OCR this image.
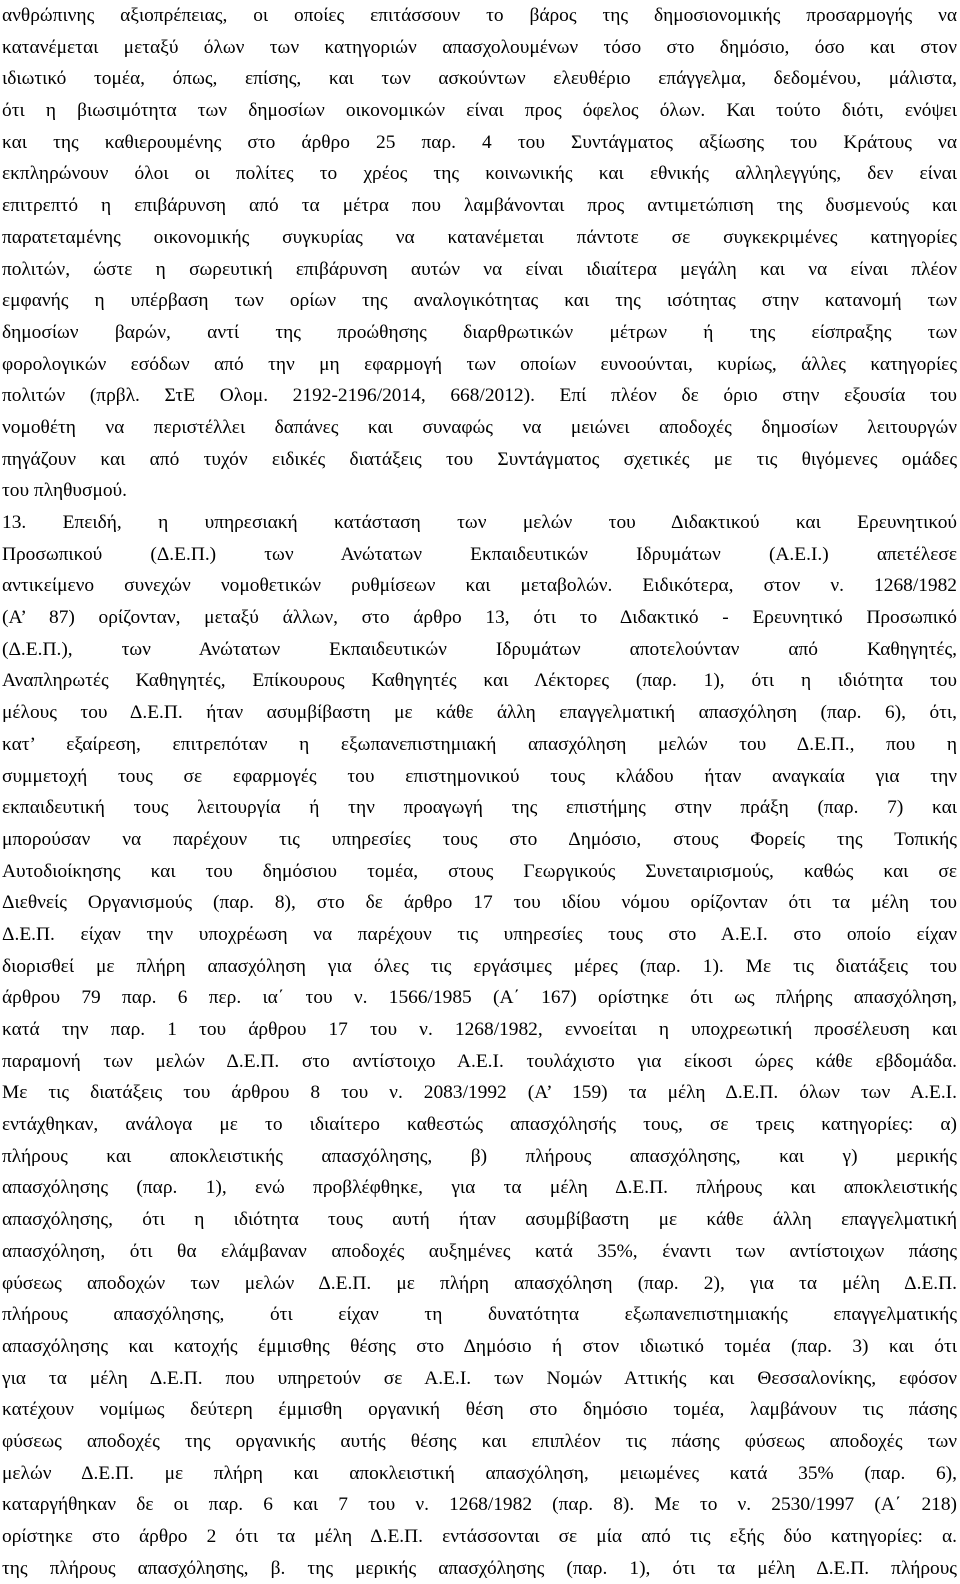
ανθρώπινης αξιοπρέπειας, οι οποίες επιτάσσουν το βάρος της δημοσιονομικής προσαρμογής να
κατανέμεται μεταξύ όλων των κατηγοριών απασχολουμένων τόσο στο δημόσιο, όσο και στον
ιδιωτικό τομέα, όπως, επίσης, και των ασκούντων ελευθέριο επάγγελμα, δεδομένου, μάλιστα,
ότι η βιωσιμότητα των δημοσίων οικονομικών είναι προς όφελος όλων. Και τούτο διότι, ενόψει
και της καθιερουμένης στο άρθρο 25 παρ. 4 του Συντάγματος αξίωσης του Κράτους να
εκπληρώνουν όλοι οι πολίτες το χρέος της κοινωνικής και εθνικής αλληλεγγύης, δεν είναι
επιτρεπτό η επιβάρυνση από τα μέτρα που λαμβάνονται προς αντιμετώπιση της δυσμενούς και
παρατεταμένης οικονομικής συγκυρίας να κατανέμεται πάντοτε σε συγκεκριμένες κατηγορίες
πολιτών, ώστε η σωρευτική επιβάρυνση αυτών να είναι ιδιαίτερα μεγάλη και να είναι πλέον
εμφανής η υπέρβαση των ορίων της αναλογικότητας και της ισότητας στην κατανομή των
δημοσίων βαρών, αντί της προώθησης διαρθρωτικών μέτρων ή της είσπραξης των
φορολογικών εσόδων από την μη εφαρμογή των οποίων ευνοούνται, κυρίως, άλλες κατηγορίες
πολιτών (πρβλ. ΣτΕ Ολομ. 2192-2196/2014, 668/2012). Επί πλέον δε όριο στην εξουσία του
νομοθέτη να περιστέλλει δαπάνες και συναφώς να μειώνει αποδοχές δημοσίων λειτουργών
πηγάζουν και από τυχόν ειδικές διατάξεις του Συντάγματος σχετικές με τις θιγόμενες ομάδες
του πληθυσμού.
13. Επειδή, η υπηρεσιακή κατάσταση των μελών του Διδακτικού και Ερευνητικού
Προσωπικού (Δ.Ε.Π.) των Ανώτατων Εκπαιδευτικών Ιδρυμάτων (Α.Ε.Ι.) απετέλεσε
αντικείμενο συνεχών νομοθετικών ρυθμίσεων και μεταβολών. Ειδικότερα, στον ν. 1268/1982
(Α’ 87) ορίζονταν, μεταξύ άλλων, στο άρθρο 13, ότι το Διδακτικό - Ερευνητικό Προσωπικό
(Δ.Ε.Π.), των Ανώτατων Εκπαιδευτικών Ιδρυμάτων αποτελούνταν από Καθηγητές,
Αναπληρωτές Καθηγητές, Επίκουρους Καθηγητές και Λέκτορες (παρ. 1), ότι η ιδιότητα του
μέλους του Δ.Ε.Π. ήταν ασυμβίβαστη με κάθε άλλη επαγγελματική απασχόληση (παρ. 6), ότι,
κατ’ εξαίρεση, επιτρεπόταν η εξωπανεπιστημιακή απασχόληση μελών του Δ.Ε.Π., που η
συμμετοχή τους σε εφαρμογές του επιστημονικού τους κλάδου ήταν αναγκαία για την
εκπαιδευτική τους λειτουργία ή την προαγωγή της επιστήμης στην πράξη (παρ. 7) και
μπορούσαν να παρέχουν τις υπηρεσίες τους στο Δημόσιο, στους Φορείς της Τοπικής
Αυτοδιοίκησης και του δημόσιου τομέα, στους Γεωργικούς Συνεταιρισμούς, καθώς και σε
Διεθνείς Οργανισμούς (παρ. 8), στο δε άρθρο 17 του ιδίου νόμου ορίζονταν ότι τα μέλη του
Δ.Ε.Π. είχαν την υποχρέωση να παρέχουν τις υπηρεσίες τους στο Α.Ε.Ι. στο οποίο είχαν
διορισθεί με πλήρη απασχόληση για όλες τις εργάσιμες μέρες (παρ. 1). Με τις διατάξεις του
άρθρου 79 παρ. 6 περ. ια΄ του ν. 1566/1985 (Α΄ 167) ορίστηκε ότι ως πλήρης απασχόληση,
κατά την παρ. 1 του άρθρου 17 του ν. 1268/1982, εννοείται η υποχρεωτική προσέλευση και
παραμονή των μελών Δ.Ε.Π. στο αντίστοιχο Α.Ε.Ι. τουλάχιστο για είκοσι ώρες κάθε εβδομάδα.
Με τις διατάξεις του άρθρου 8 του ν. 2083/1992 (Α’ 159) τα μέλη Δ.Ε.Π. όλων των Α.Ε.Ι.
εντάχθηκαν, ανάλογα με το ιδιαίτερο καθεστώς απασχόλησής τους, σε τρεις κατηγορίες: α)
πλήρους και αποκλειστικής απασχόλησης, β) πλήρους απασχόλησης, και γ) μερικής
απασχόλησης (παρ. 1), ενώ προβλέφθηκε, για τα μέλη Δ.Ε.Π. πλήρους και αποκλειστικής
απασχόλησης, ότι η ιδιότητα τους αυτή ήταν ασυμβίβαστη με κάθε άλλη επαγγελματική
απασχόληση, ότι θα ελάμβαναν αποδοχές αυξημένες κατά 35%, έναντι των αντίστοιχων πάσης
φύσεως αποδοχών των μελών Δ.Ε.Π. με πλήρη απασχόληση (παρ. 2), για τα μέλη Δ.Ε.Π.
πλήρους απασχόλησης, ότι είχαν τη δυνατότητα εξωπανεπιστημιακής επαγγελματικής
απασχόλησης και κατοχής έμμισθης θέσης στο Δημόσιο ή στον ιδιωτικό τομέα (παρ. 3) και ότι
για τα μέλη Δ.Ε.Π. που υπηρετούν σε Α.Ε.Ι. των Νομών Αττικής και Θεσσαλονίκης, εφόσον
κατέχουν νομίμως δεύτερη έμμισθη οργανική θέση στο δημόσιο τομέα, λαμβάνουν τις πάσης
φύσεως αποδοχές της οργανικής αυτής θέσης και επιπλέον τις πάσης φύσεως αποδοχές των
μελών Δ.Ε.Π. με πλήρη και αποκλειστική απασχόληση, μειωμένες κατά 35% (παρ. 6),
καταργήθηκαν δε οι παρ. 6 και 7 του ν. 1268/1982 (παρ. 8). Με το ν. 2530/1997 (Α΄ 218)
ορίστηκε στο άρθρο 2 ότι τα μέλη Δ.Ε.Π. εντάσσονται σε μία από τις εξής δύο κατηγορίες: α.
της πλήρους απασχόλησης, β. της μερικής απασχόλησης (παρ. 1), ότι τα μέλη Δ.Ε.Π. πλήρους
